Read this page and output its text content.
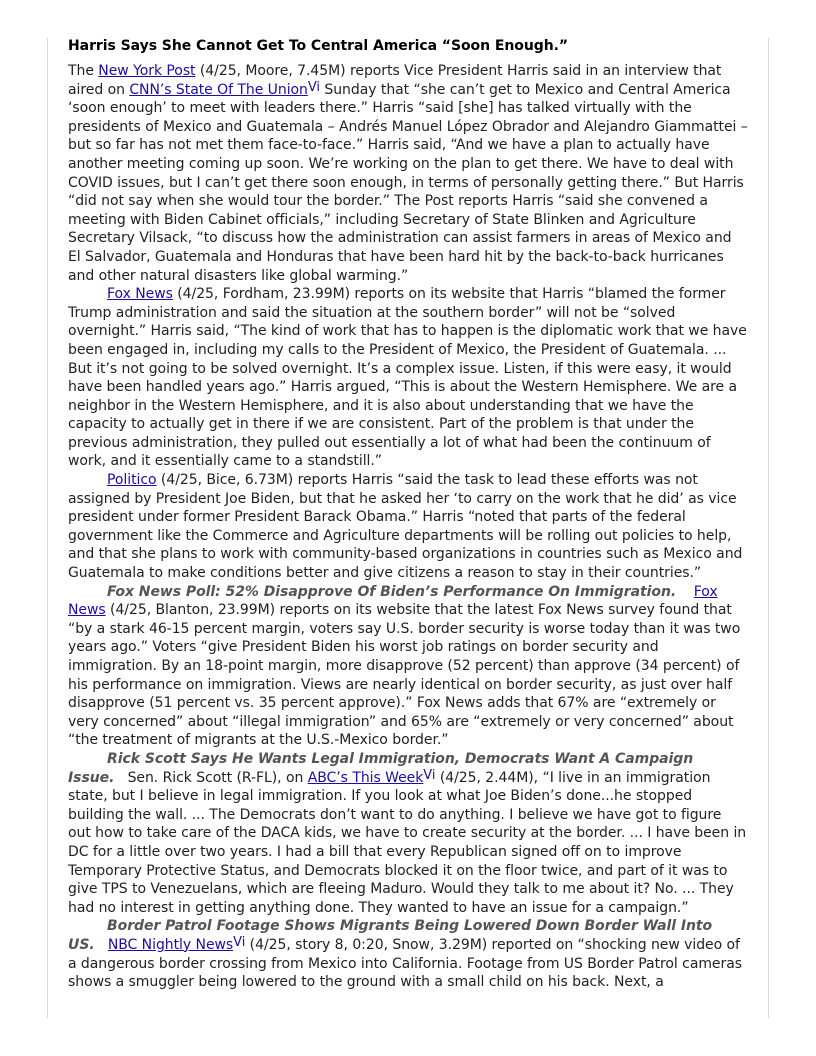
Harris Says She Cannot Get To Central America “Soon Enough.”

The New York Post (4/25, Moore, 7.45M) reports Vice President Harris said in an interview that aired on CNN’s State Of The UnionVi Sunday that “she can’t get to Mexico and Central America ‘soon enough’ to meet with leaders there.” Harris “said [she] has talked virtually with the presidents of Mexico and Guatemala – Andrés Manuel López Obrador and Alejandro Giammattei – but so far has not met them face-to-face.” Harris said, “And we have a plan to actually have another meeting coming up soon. We’re working on the plan to get there. We have to deal with COVID issues, but I can’t get there soon enough, in terms of personally getting there.” But Harris “did not say when she would tour the border.” The Post reports Harris “said she convened a meeting with Biden Cabinet officials,” including Secretary of State Blinken and Agriculture Secretary Vilsack, “to discuss how the administration can assist farmers in areas of Mexico and El Salvador, Guatemala and Honduras that have been hard hit by the back-to-back hurricanes and other natural disasters like global warming.”

Fox News (4/25, Fordham, 23.99M) reports on its website that Harris “blamed the former Trump administration and said the situation at the southern border” will not be “solved overnight.” Harris said, “The kind of work that has to happen is the diplomatic work that we have been engaged in, including my calls to the President of Mexico, the President of Guatemala. ... But it’s not going to be solved overnight. It’s a complex issue. Listen, if this were easy, it would have been handled years ago.” Harris argued, “This is about the Western Hemisphere. We are a neighbor in the Western Hemisphere, and it is also about understanding that we have the capacity to actually get in there if we are consistent. Part of the problem is that under the previous administration, they pulled out essentially a lot of what had been the continuum of work, and it essentially came to a standstill.”

Politico (4/25, Bice, 6.73M) reports Harris “said the task to lead these efforts was not assigned by President Joe Biden, but that he asked her ‘to carry on the work that he did’ as vice president under former President Barack Obama.” Harris “noted that parts of the federal government like the Commerce and Agriculture departments will be rolling out policies to help, and that she plans to work with community-based organizations in countries such as Mexico and Guatemala to make conditions better and give citizens a reason to stay in their countries.”

Fox News Poll: 52% Disapprove Of Biden’s Performance On Immigration. Fox News (4/25, Blanton, 23.99M) reports on its website that the latest Fox News survey found that “by a stark 46-15 percent margin, voters say U.S. border security is worse today than it was two years ago.” Voters “give President Biden his worst job ratings on border security and immigration. By an 18-point margin, more disapprove (52 percent) than approve (34 percent) of his performance on immigration. Views are nearly identical on border security, as just over half disapprove (51 percent vs. 35 percent approve).” Fox News adds that 67% are “extremely or very concerned” about “illegal immigration” and 65% are “extremely or very concerned” about “the treatment of migrants at the U.S.-Mexico border.”

Rick Scott Says He Wants Legal Immigration, Democrats Want A Campaign Issue. Sen. Rick Scott (R-FL), on ABC’s This WeekVi (4/25, 2.44M), “I live in an immigration state, but I believe in legal immigration. If you look at what Joe Biden’s done...he stopped building the wall. ... The Democrats don’t want to do anything. I believe we have got to figure out how to take care of the DACA kids, we have to create security at the border. ... I have been in DC for a little over two years. I had a bill that every Republican signed off on to improve Temporary Protective Status, and Democrats blocked it on the floor twice, and part of it was to give TPS to Venezuelans, which are fleeing Maduro. Would they talk to me about it? No. ... They had no interest in getting anything done. They wanted to have an issue for a campaign.”

Border Patrol Footage Shows Migrants Being Lowered Down Border Wall Into US. NBC Nightly NewsVi (4/25, story 8, 0:20, Snow, 3.29M) reported on “shocking new video of a dangerous border crossing from Mexico into California. Footage from US Border Patrol cameras shows a smuggler being lowered to the ground with a small child on his back. Next, a
